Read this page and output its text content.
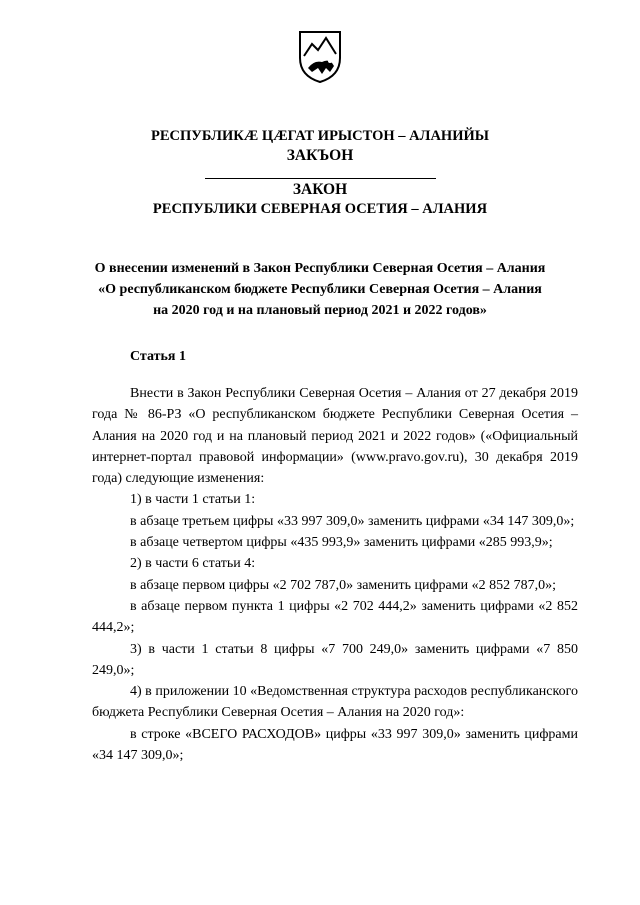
РЕСПУБЛИКÆ ЦÆГАТ ИРЫСТОН – АЛАНИЙЫ
ЗАКЪОН
ЗАКОН
РЕСПУБЛИКИ СЕВЕРНАЯ ОСЕТИЯ – АЛАНИЯ
О внесении изменений в Закон Республики Северная Осетия – Алания
«О республиканском бюджете Республики Северная Осетия – Алания
на 2020 год и на плановый период 2021 и 2022 годов»
Статья 1

Внести в Закон Республики Северная Осетия – Алания от 27 декабря 2019 года № 86-РЗ «О республиканском бюджете Республики Северная Осетия – Алания на 2020 год и на плановый период 2021 и 2022 годов» («Официальный интернет-портал правовой информации» (www.pravo.gov.ru), 30 декабря 2019 года) следующие изменения:

1) в части 1 статьи 1:

в абзаце третьем цифры «33 997 309,0» заменить цифрами «34 147 309,0»;

в абзаце четвертом цифры «435 993,9» заменить цифрами «285 993,9»;

2) в части 6 статьи 4:

в абзаце первом цифры «2 702 787,0» заменить цифрами «2 852 787,0»;

в абзаце первом пункта 1 цифры «2 702 444,2» заменить цифрами «2 852 444,2»;

3) в части 1 статьи 8 цифры «7 700 249,0» заменить цифрами «7 850 249,0»;

4) в приложении 10 «Ведомственная структура расходов республиканского бюджета Республики Северная Осетия – Алания на 2020 год»:

в строке «ВСЕГО РАСХОДОВ» цифры «33 997 309,0» заменить цифрами «34 147 309,0»;
